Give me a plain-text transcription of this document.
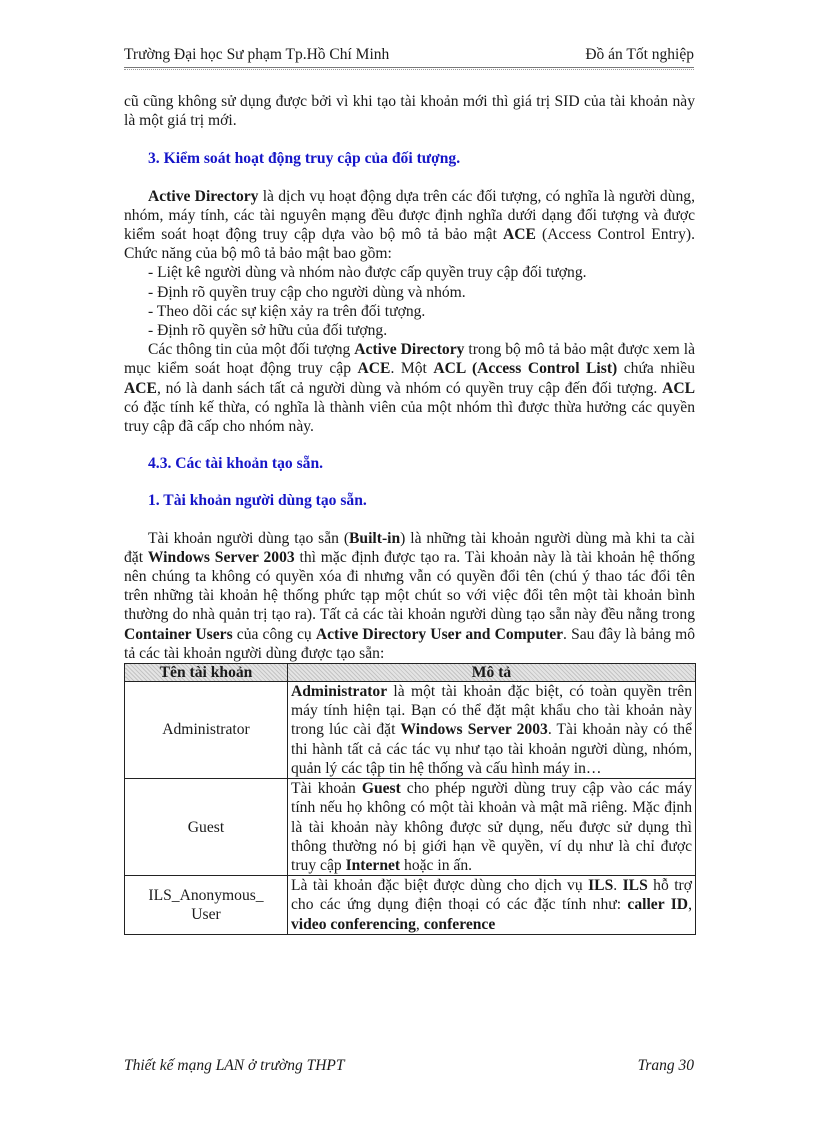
Trường Đại học Sư phạm Tp.Hồ Chí Minh	Đồ án Tốt nghiệp

cũ cũng không sử dụng được bởi vì khi tạo tài khoản mới thì giá trị SID của tài khoản này là một giá trị mới.

3. Kiểm soát hoạt động truy cập của đối tượng.

Active Directory là dịch vụ hoạt động dựa trên các đối tượng, có nghĩa là người dùng, nhóm, máy tính, các tài nguyên mạng đều được định nghĩa dưới dạng đối tượng và được kiểm soát hoạt động truy cập dựa vào bộ mô tả bảo mật ACE (Access Control Entry). Chức năng của bộ mô tả bảo mật bao gồm:

- Liệt kê người dùng và nhóm nào được cấp quyền truy cập đối tượng.

- Định rõ quyền truy cập cho người dùng và nhóm.

- Theo dõi các sự kiện xảy ra trên đối tượng.

- Định rõ quyền sở hữu của đối tượng.

Các thông tin của một đối tượng Active Directory trong bộ mô tả bảo mật được xem là mục kiểm soát hoạt động truy cập ACE. Một ACL (Access Control List) chứa nhiều ACE, nó là danh sách tất cả người dùng và nhóm có quyền truy cập đến đối tượng. ACL có đặc tính kế thừa, có nghĩa là thành viên của một nhóm thì được thừa hưởng các quyền truy cập đã cấp cho nhóm này.

4.3. Các tài khoản tạo sẵn.

1. Tài khoản người dùng tạo sẵn.

Tài khoản người dùng tạo sẵn (Built-in) là những tài khoản người dùng mà khi ta cài đặt Windows Server 2003 thì mặc định được tạo ra. Tài khoản này là tài khoản hệ thống nên chúng ta không có quyền xóa đi nhưng vẫn có quyền đổi tên (chú ý thao tác đổi tên trên những tài khoản hệ thống phức tạp một chút so với việc đổi tên một tài khoản bình thường do nhà quản trị tạo ra). Tất cả các tài khoản người dùng tạo sẵn này đều nằng trong Container Users của công cụ Active Directory User and Computer. Sau đây là bảng mô tả các tài khoản người dùng được tạo sẵn:

Tên tài khoản	Mô tả
Administrator	Administrator là một tài khoản đặc biệt, có toàn quyền trên máy tính hiện tại. Bạn có thể đặt mật khẩu cho tài khoản này trong lúc cài đặt Windows Server 2003. Tài khoản này có thể thi hành tất cả các tác vụ như tạo tài khoản người dùng, nhóm, quản lý các tập tin hệ thống và cấu hình máy in…
Guest	Tài khoản Guest cho phép người dùng truy cập vào các máy tính nếu họ không có một tài khoản và mật mã riêng. Mặc định là tài khoản này không được sử dụng, nếu được sử dụng thì thông thường nó bị giới hạn về quyền, ví dụ như là chỉ được truy cập Internet hoặc in ấn.
ILS_Anonymous_ User	Là tài khoản đặc biệt được dùng cho dịch vụ ILS. ILS hỗ trợ cho các ứng dụng điện thoại có các đặc tính như: caller ID, video conferencing, conference
Thiết kế mạng LAN ở trường THPT	Trang 30
